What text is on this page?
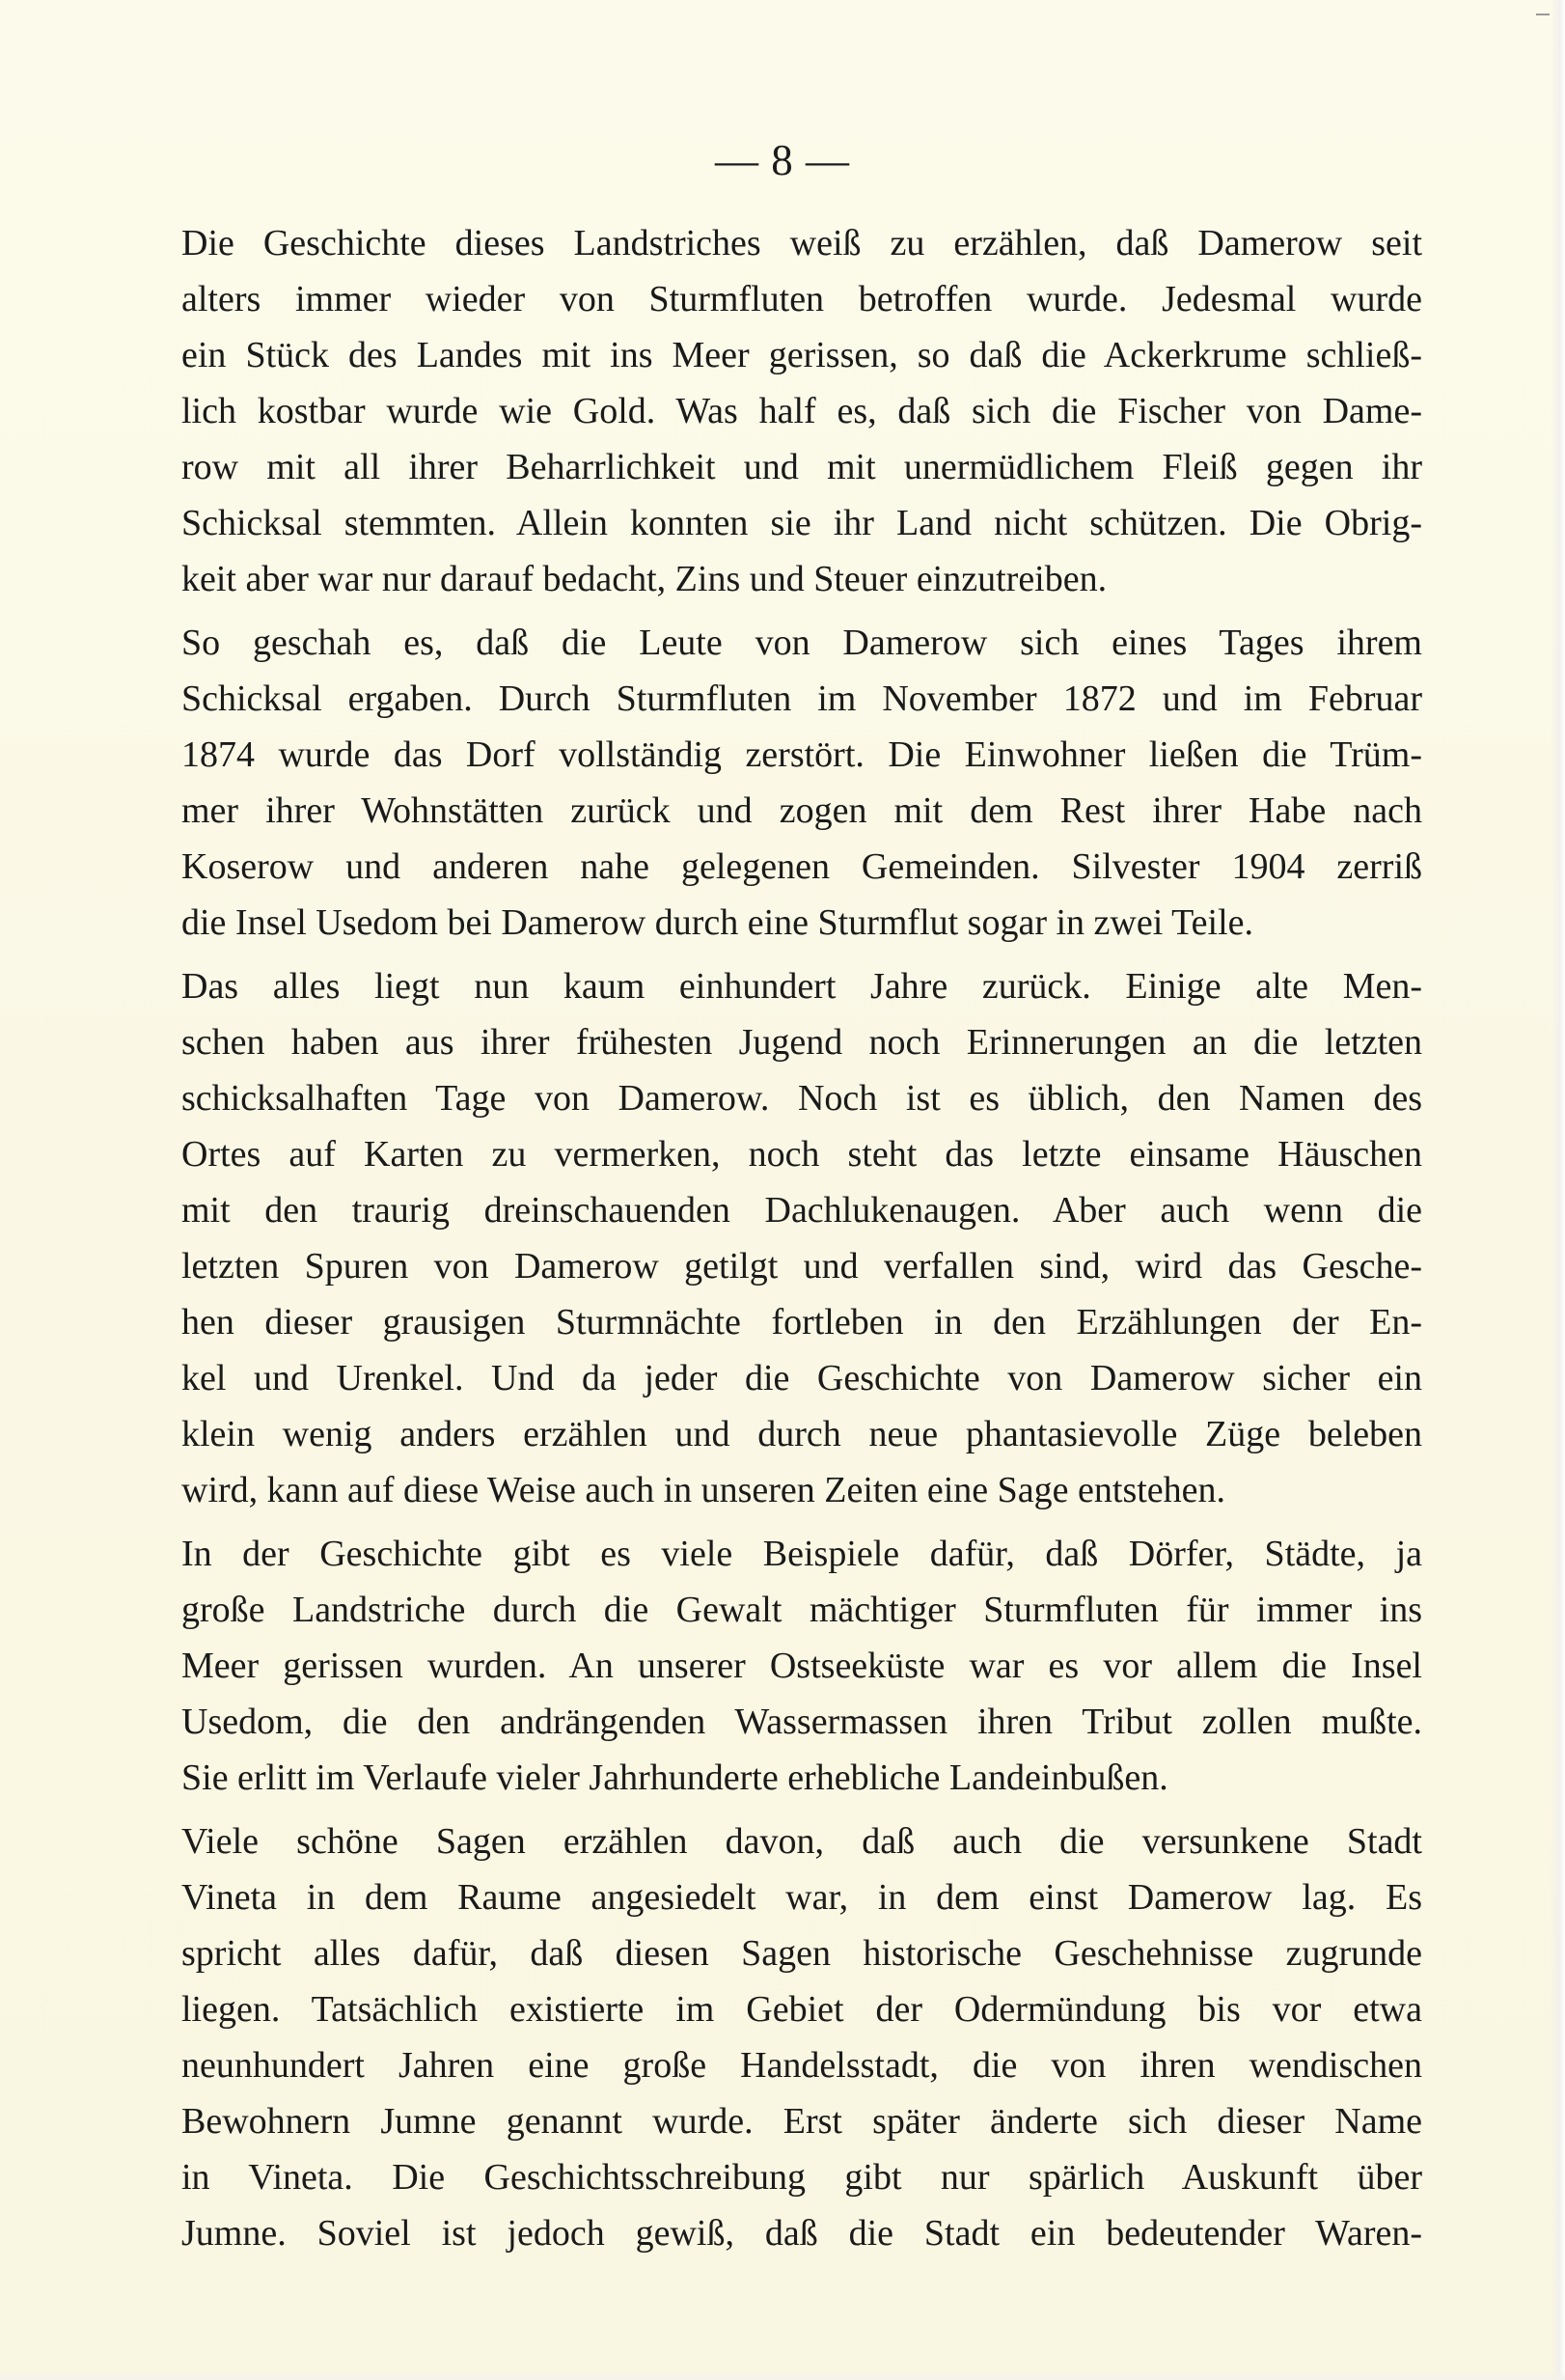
— 8 —

Die Geschichte dieses Landstriches weiß zu erzählen, daß Damerow seit
alters immer wieder von Sturmfluten betroffen wurde. Jedesmal wurde
ein Stück des Landes mit ins Meer gerissen, so daß die Ackerkrume schließ-
lich kostbar wurde wie Gold. Was half es, daß sich die Fischer von Dame-
row mit all ihrer Beharrlichkeit und mit unermüdlichem Fleiß gegen ihr
Schicksal stemmten. Allein konnten sie ihr Land nicht schützen. Die Obrig-
keit aber war nur darauf bedacht, Zins und Steuer einzutreiben.

So geschah es, daß die Leute von Damerow sich eines Tages ihrem
Schicksal ergaben. Durch Sturmfluten im November 1872 und im Februar
1874 wurde das Dorf vollständig zerstört. Die Einwohner ließen die Trüm-
mer ihrer Wohnstätten zurück und zogen mit dem Rest ihrer Habe nach
Koserow und anderen nahe gelegenen Gemeinden. Silvester 1904 zerriß
die Insel Usedom bei Damerow durch eine Sturmflut sogar in zwei Teile.

Das alles liegt nun kaum einhundert Jahre zurück. Einige alte Men-
schen haben aus ihrer frühesten Jugend noch Erinnerungen an die letzten
schicksalhaften Tage von Damerow. Noch ist es üblich, den Namen des
Ortes auf Karten zu vermerken, noch steht das letzte einsame Häuschen
mit den traurig dreinschauenden Dachlukenaugen. Aber auch wenn die
letzten Spuren von Damerow getilgt und verfallen sind, wird das Gesche-
hen dieser grausigen Sturmnächte fortleben in den Erzählungen der En-
kel und Urenkel. Und da jeder die Geschichte von Damerow sicher ein
klein wenig anders erzählen und durch neue phantasievolle Züge beleben
wird, kann auf diese Weise auch in unseren Zeiten eine Sage entstehen.

In der Geschichte gibt es viele Beispiele dafür, daß Dörfer, Städte, ja
große Landstriche durch die Gewalt mächtiger Sturmfluten für immer ins
Meer gerissen wurden. An unserer Ostseeküste war es vor allem die Insel
Usedom, die den andrängenden Wassermassen ihren Tribut zollen mußte.
Sie erlitt im Verlaufe vieler Jahrhunderte erhebliche Landeinbußen.

Viele schöne Sagen erzählen davon, daß auch die versunkene Stadt
Vineta in dem Raume angesiedelt war, in dem einst Damerow lag. Es
spricht alles dafür, daß diesen Sagen historische Geschehnisse zugrunde
liegen. Tatsächlich existierte im Gebiet der Odermündung bis vor etwa
neunhundert Jahren eine große Handelsstadt, die von ihren wendischen
Bewohnern Jumne genannt wurde. Erst später änderte sich dieser Name
in Vineta. Die Geschichtsschreibung gibt nur spärlich Auskunft über
Jumne. Soviel ist jedoch gewiß, daß die Stadt ein bedeutender Waren-
